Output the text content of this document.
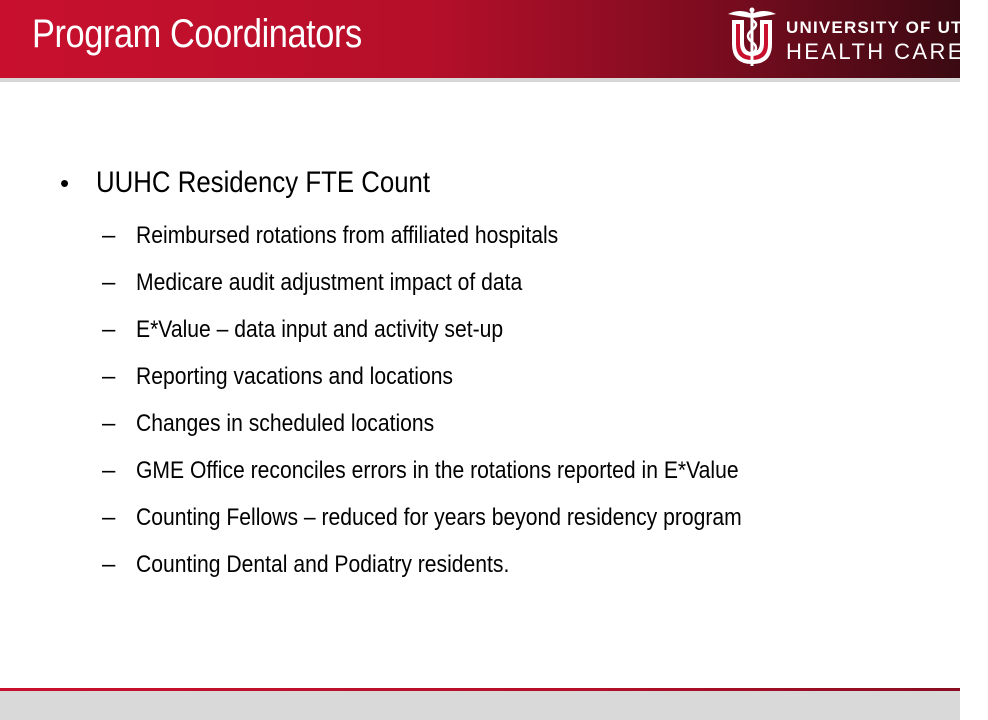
Program Coordinators	UNIVERSITY OF UTAH
HEALTH CARE
• UUHC Residency FTE Count
– Reimbursed rotations from affiliated hospitals
– Medicare audit adjustment impact of data
– E*Value – data input and activity set-up
– Reporting vacations and locations
– Changes in scheduled locations
– GME Office reconciles errors in the rotations reported in E*Value
– Counting Fellows – reduced for years beyond residency program
– Counting Dental and Podiatry residents.
